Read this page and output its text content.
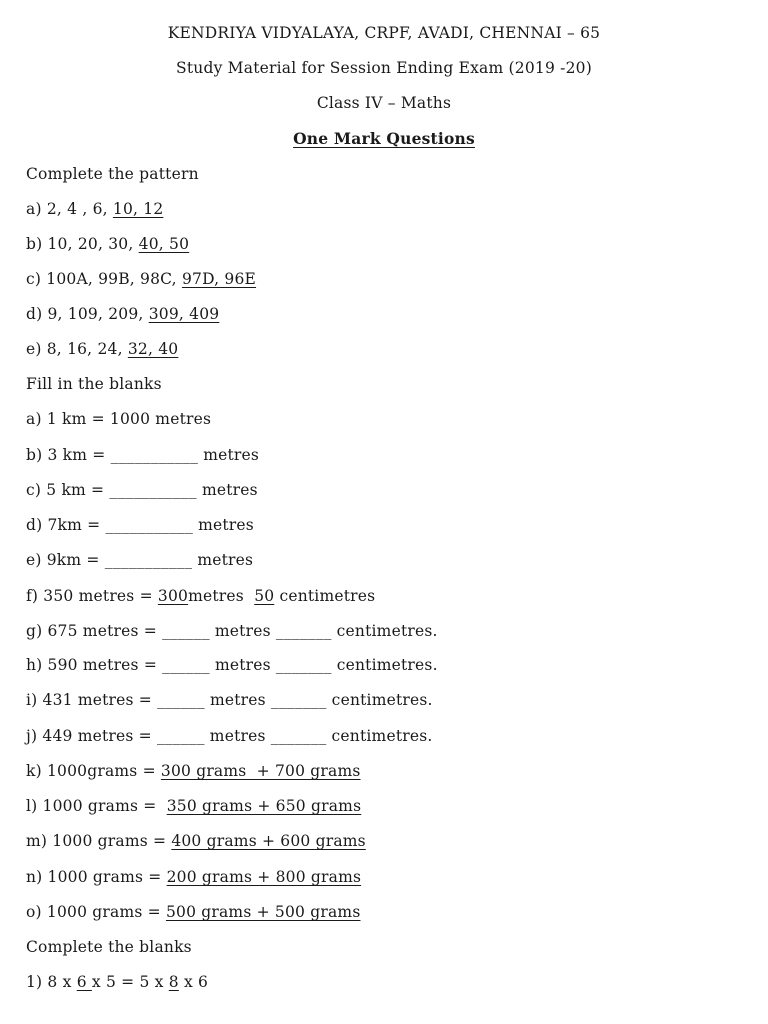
KENDRIYA VIDYALAYA, CRPF, AVADI, CHENNAI – 65
Study Material for Session Ending Exam (2019 -20)
Class IV – Maths
One Mark Questions
Complete the pattern
a) 2, 4 , 6, 10, 12
b) 10, 20, 30, 40, 50
c) 100A, 99B, 98C, 97D, 96E
d) 9, 109, 209, 309, 409
e) 8, 16, 24, 32, 40
Fill in the blanks
a) 1 km = 1000 metres
b) 3 km = ___________ metres
c) 5 km = ___________ metres
d) 7km = ___________ metres
e) 9km = ___________ metres
f) 350 metres = 300metres  50 centimetres
g) 675 metres = ______ metres _______ centimetres.
h) 590 metres = ______ metres _______ centimetres.
i) 431 metres = ______ metres _______ centimetres.
j) 449 metres = ______ metres _______ centimetres.
k) 1000grams = 300 grams  + 700 grams
l) 1000 grams =  350 grams + 650 grams
m) 1000 grams = 400 grams + 600 grams
n) 1000 grams = 200 grams + 800 grams
o) 1000 grams = 500 grams + 500 grams
Complete the blanks
1) 8 x 6 x 5 = 5 x 8 x 6
